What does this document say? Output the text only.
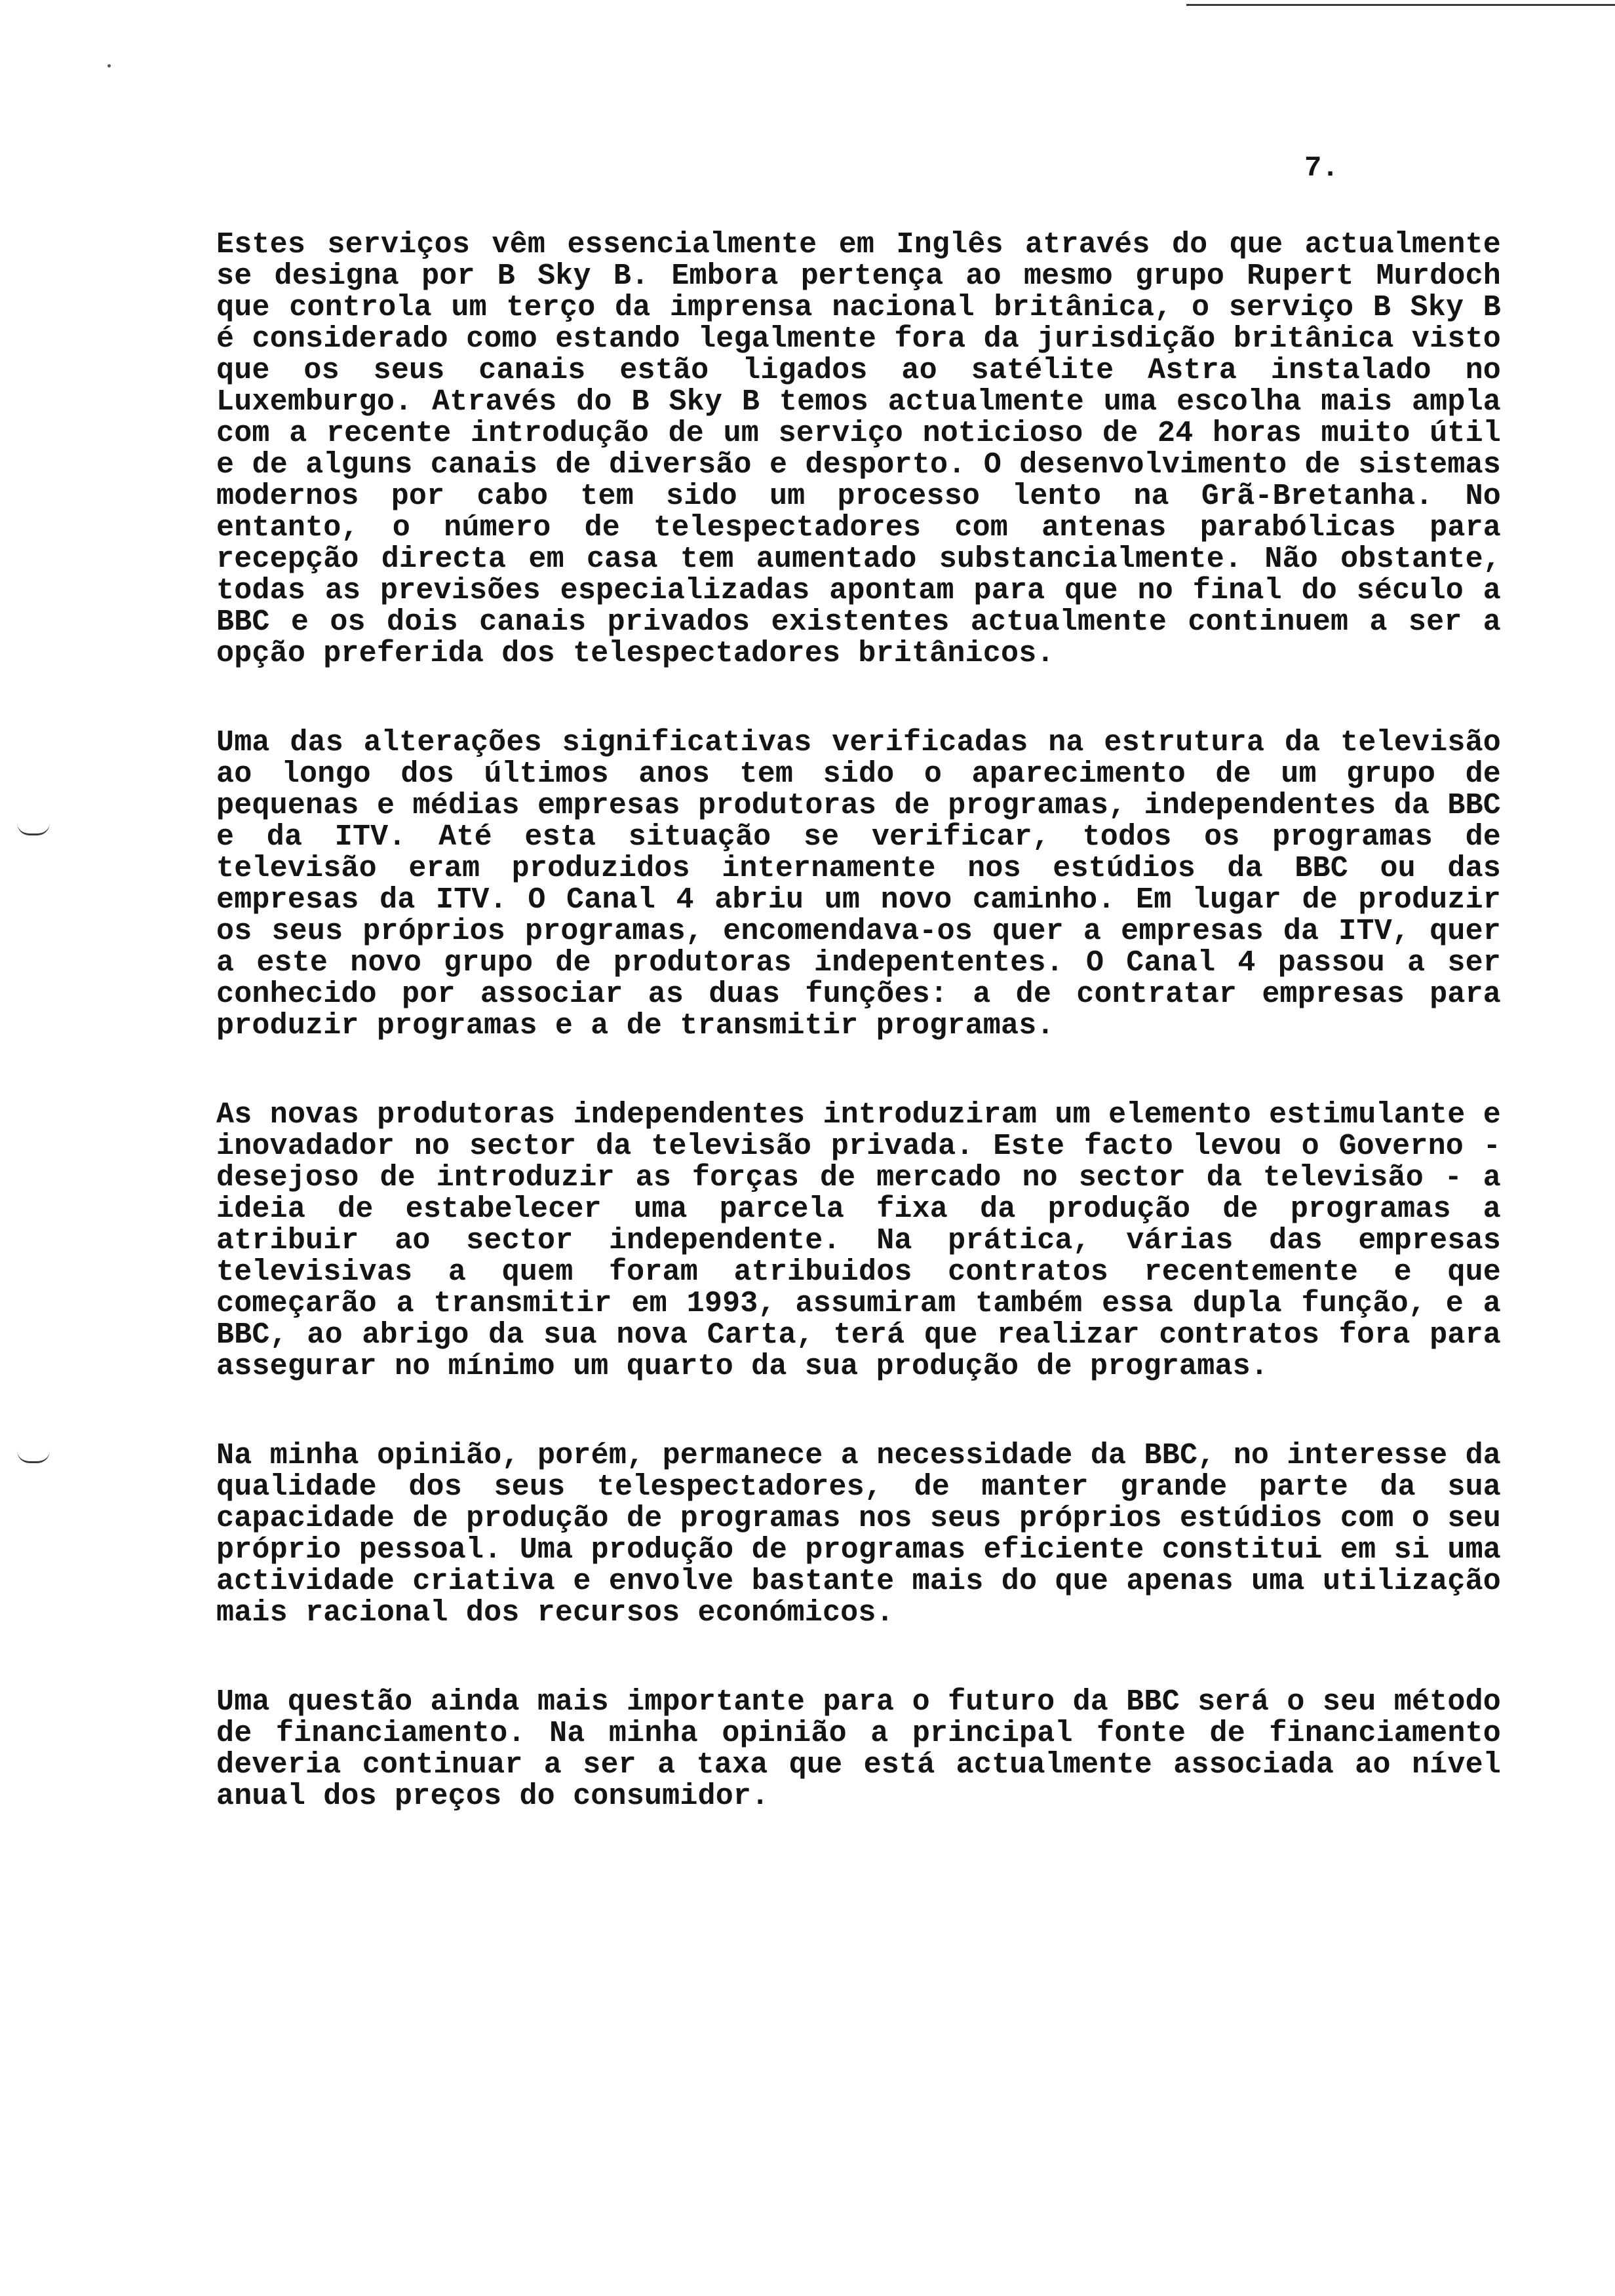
7.

Estes serviços vêm essencialmente em Inglês através do que actualmente se designa por B Sky B. Embora pertença ao mesmo grupo Rupert Murdoch que controla um terço da imprensa nacional britânica, o serviço B Sky B é considerado como estando legalmente fora da jurisdição britânica visto que os seus canais estão ligados ao satélite Astra instalado no Luxemburgo. Através do B Sky B temos actualmente uma escolha mais ampla com a recente introdução de um serviço noticioso de 24 horas muito útil e de alguns canais de diversão e desporto. O desenvolvimento de sistemas modernos por cabo tem sido um processo lento na Grã-Bretanha. No entanto, o número de telespectadores com antenas parabólicas para recepção directa em casa tem aumentado substancialmente. Não obstante, todas as previsões especializadas apontam para que no final do século a BBC e os dois canais privados existentes actualmente continuem a ser a opção preferida dos telespectadores britânicos.

Uma das alterações significativas verificadas na estrutura da televisão ao longo dos últimos anos tem sido o aparecimento de um grupo de pequenas e médias empresas produtoras de programas, independentes da BBC e da ITV. Até esta situação se verificar, todos os programas de televisão eram produzidos internamente nos estúdios da BBC ou das empresas da ITV. O Canal 4 abriu um novo caminho. Em lugar de produzir os seus próprios programas, encomendava-os quer a empresas da ITV, quer a este novo grupo de produtoras indepententes. O Canal 4 passou a ser conhecido por associar as duas funções: a de contratar empresas para produzir programas e a de transmitir programas.

As novas produtoras independentes introduziram um elemento estimulante e inovadador no sector da televisão privada. Este facto levou o Governo - desejoso de introduzir as forças de mercado no sector da televisão - a ideia de estabelecer uma parcela fixa da produção de programas a atribuir ao sector independente. Na prática, várias das empresas televisivas a quem foram atribuidos contratos recentemente e que começarão a transmitir em 1993, assumiram também essa dupla função, e a BBC, ao abrigo da sua nova Carta, terá que realizar contratos fora para assegurar no mínimo um quarto da sua produção de programas.

Na minha opinião, porém, permanece a necessidade da BBC, no interesse da qualidade dos seus telespectadores, de manter grande parte da sua capacidade de produção de programas nos seus próprios estúdios com o seu próprio pessoal. Uma produção de programas eficiente constitui em si uma actividade criativa e envolve bastante mais do que apenas uma utilização mais racional dos recursos económicos.

Uma questão ainda mais importante para o futuro da BBC será o seu método de financiamento. Na minha opinião a principal fonte de financiamento deveria continuar a ser a taxa que está actualmente associada ao nível anual dos preços do consumidor.
